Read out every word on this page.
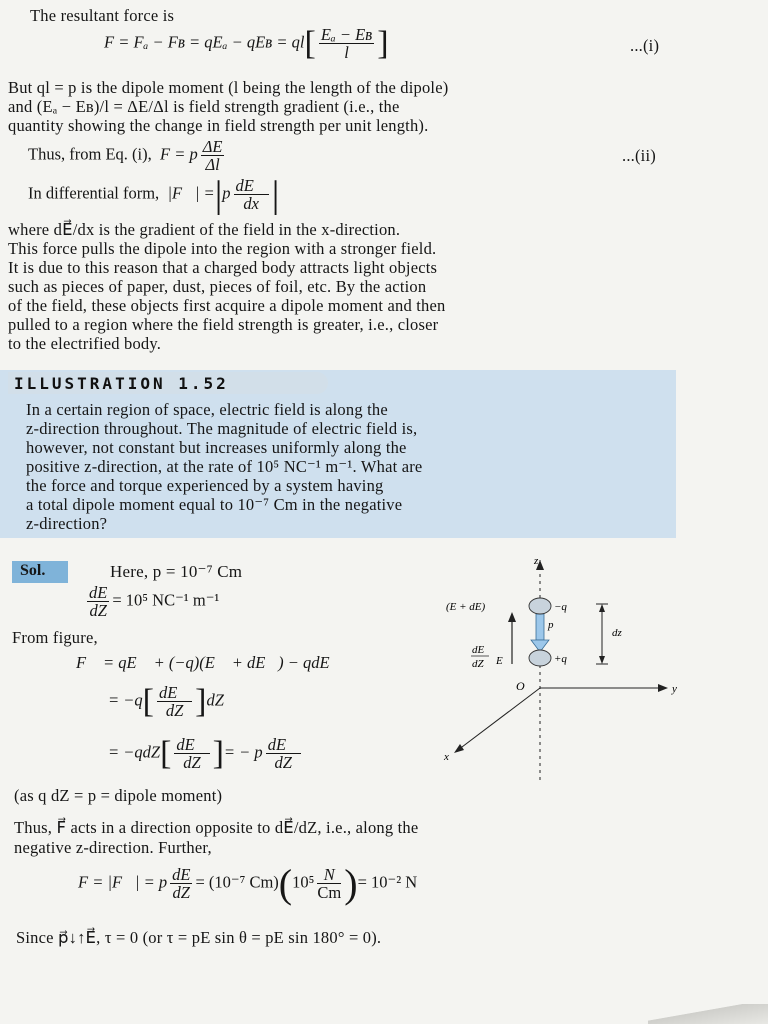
The resultant force is
F = Fₐ − Fʙ = qEₐ − qEʙ = $ql[ \frac{\text{Eₐ − Eʙ}}{l}$ ]	...(i)
But ql = p is the dipole moment (l being the length of the dipole)
and (Eₐ − Eʙ)/l = ΔE/Δl is field strength gradient (i.e., the
quantity showing the change in field strength per unit length).
Thus, from Eq. (i), F = p $\frac{\Delta E}{\Delta l}$	...(ii)
In differential form, |F⃗| $=|p \frac{dE⃗}{dx}$ |
where dE⃗/dx is the gradient of the field in the x-direction.
This force pulls the dipole into the region with a stronger field.
It is due to this reason that a charged body attracts light objects
such as pieces of paper, dust, pieces of foil, etc. By the action
of the field, these objects first acquire a dipole moment and then
pulled to a region where the field strength is greater, i.e., closer
to the electrified body.
ILLUSTRATION 1.52
In a certain region of space, electric field is along the
z-direction throughout. The magnitude of electric field is,
however, not constant but increases uniformly along the
positive z-direction, at the rate of 10⁵ NC⁻¹ m⁻¹. What are
the force and torque experienced by a system having
a total dipole moment equal to 10⁻⁷ Cm in the negative
z-direction?
Sol.	Here, p = 10⁻⁷ Cm
$\frac{dE}{dZ} = 10^5$ NC⁻¹ m⁻¹
From figure,
F⃗ = qE⃗ + (−q)(E⃗ + dE⃗) − qdE⃗
= $-q[ \frac{dE⃗}{dZ} ]dZ$
= $-qdZ[ \frac{dE⃗}{dZ}$ ]= − p $\frac{dE⃗}{dZ}$
(as q dZ = p = dipole moment)
Thus, F⃗ acts in a direction opposite to dE⃗/dZ, i.e., along the
negative z-direction. Further,
F = |F⃗| = p $\frac{dE}{dZ} = (10^{-7}$ $Cm)(10^5 \frac{N}{Cm}$ )= 10⁻² N
Since p⃗↓↑E⃗, τ = 0 (or τ = pE sin θ = pE sin 180° = 0).
z
y
x
O
dE
dZ E
(E + dE)
p
−q
+q
dz
